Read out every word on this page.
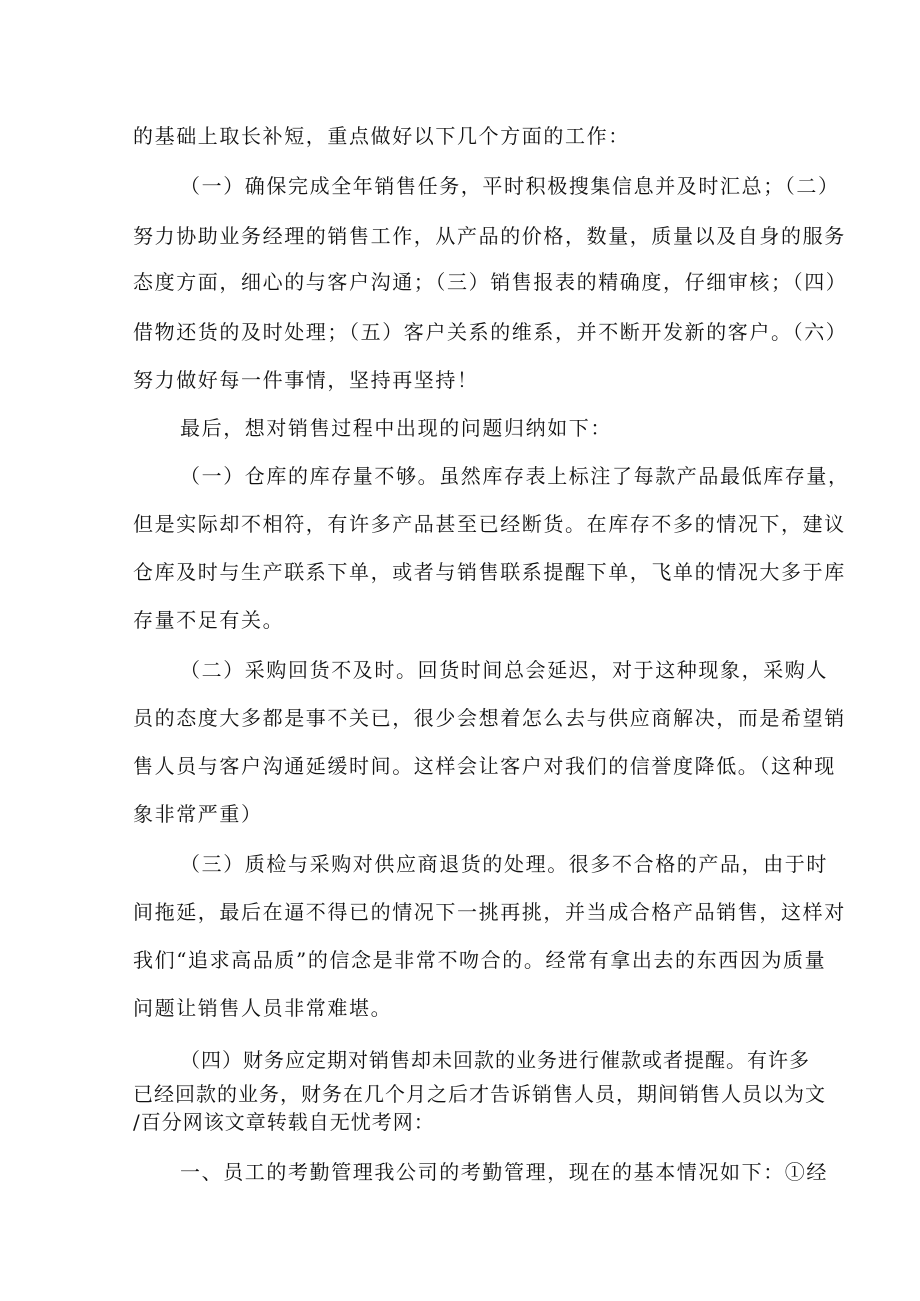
的基础上取长补短，重点做好以下几个方面的工作：
（一）确保完成全年销售任务，平时积极搜集信息并及时汇总；（二）
努力协助业务经理的销售工作，从产品的价格，数量，质量以及自身的服务
态度方面，细心的与客户沟通；（三）销售报表的精确度，仔细审核；（四）
借物还货的及时处理；（五）客户关系的维系，并不断开发新的客户。（六）
努力做好每一件事情，坚持再坚持！
最后，想对销售过程中出现的问题归纳如下：
（一）仓库的库存量不够。虽然库存表上标注了每款产品最低库存量，
但是实际却不相符，有许多产品甚至已经断货。在库存不多的情况下，建议
仓库及时与生产联系下单，或者与销售联系提醒下单，飞单的情况大多于库
存量不足有关。
（二）采购回货不及时。回货时间总会延迟，对于这种现象，采购人
员的态度大多都是事不关已，很少会想着怎么去与供应商解决，而是希望销
售人员与客户沟通延缓时间。这样会让客户对我们的信誉度降低。（这种现
象非常严重）
（三）质检与采购对供应商退货的处理。很多不合格的产品，由于时
间拖延，最后在逼不得已的情况下一挑再挑，并当成合格产品销售，这样对
我们“追求高品质”的信念是非常不吻合的。经常有拿出去的东西因为质量
问题让销售人员非常难堪。
（四）财务应定期对销售却未回款的业务进行催款或者提醒。有许多
已经回款的业务，财务在几个月之后才告诉销售人员，期间销售人员以为文
/百分网该文章转载自无忧考网：
一、员工的考勤管理我公司的考勤管理，现在的基本情况如下：①经
